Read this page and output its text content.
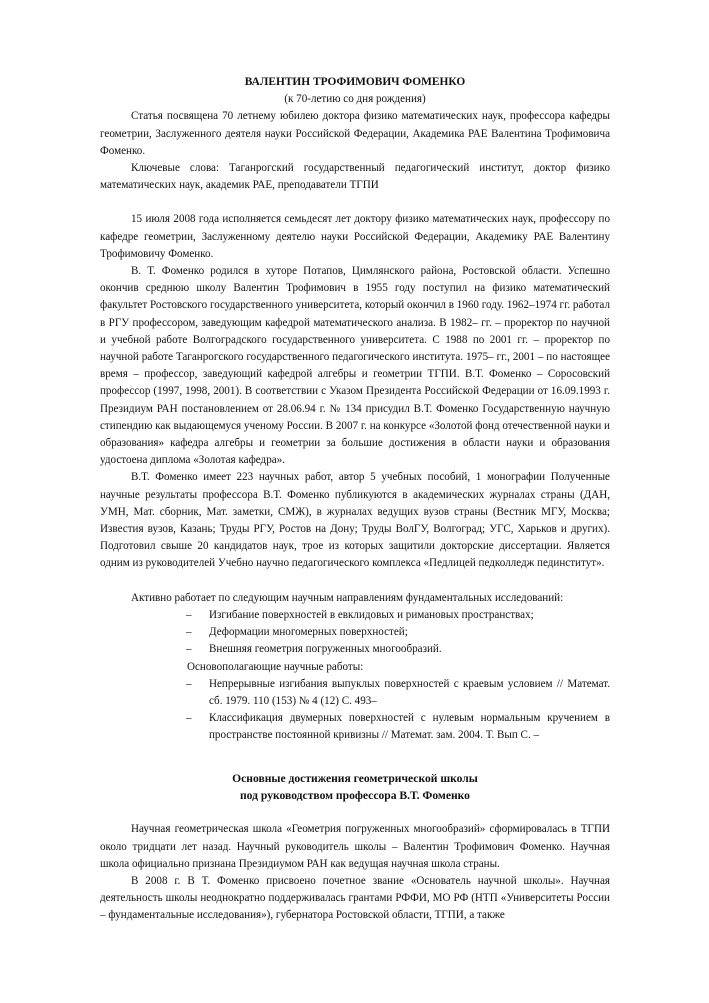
ВАЛЕНТИН ТРОФИМОВИЧ ФОМЕНКО
(к 70-летию со дня рождения)

Статья посвящена 70 летнему юбилею доктора физико математических наук, профессора кафедры геометрии, Заслуженного деятеля науки Российской Федерации, Академика РАЕ Валентина Трофимовича Фоменко.

Ключевые слова: Таганрогский государственный педагогический институт, доктор физико математических наук, академик РАЕ, преподаватели ТГПИ

15 июля 2008 года исполняется семьдесят лет доктору физико математических наук, профессору по кафедре геометрии, Заслуженному деятелю науки Российской Федерации, Академику РАЕ Валентину Трофимовичу Фоменко.

В. Т. Фоменко родился в хуторе Потапов, Цимлянского района, Ростовской области. Успешно окончив среднюю школу Валентин Трофимович в 1955 году поступил на физико математический факультет Ростовского государственного университета, который окончил в 1960 году. 1962–1974 гг. работал в РГУ профессором, заведующим кафедрой математического анализа. В 1982– гг. – проректор по научной и учебной работе Волгоградского государственного университета. С 1988 по 2001 гг. – проректор по научной работе Таганрогского государственного педагогического института. 1975– гг., 2001 – по настоящее время – профессор, заведующий кафедрой алгебры и геометрии ТГПИ. В.Т. Фоменко – Соросовский профессор (1997, 1998, 2001). В соответствии с Указом Президента Российской Федерации от 16.09.1993 г. Президиум РАН постановлением от 28.06.94 г. № 134 присудил В.Т. Фоменко Государственную научную стипендию как выдающемуся ученому России. В 2007 г. на конкурсе «Золотой фонд отечественной науки и образования» кафедра алгебры и геометрии за большие достижения в области науки и образования удостоена диплома «Золотая кафедра».

В.Т. Фоменко имеет 223 научных работ, автор 5 учебных пособий, 1 монографии Полученные научные результаты профессора В.Т. Фоменко публикуются в академических журналах страны (ДАН, УМН, Мат. сборник, Мат. заметки, СМЖ), в журналах ведущих вузов страны (Вестник МГУ, Москва; Известия вузов, Казань; Труды РГУ, Ростов на Дону; Труды ВолГУ, Волгоград; УГС, Харьков и других). Подготовил свыше 20 кандидатов наук, трое из которых защитили докторские диссертации. Является одним из руководителей Учебно научно педагогического комплекса «Педлицей педколледж пединститут».

Активно работает по следующим научным направлениям фундаментальных исследований:
– Изгибание поверхностей в евклидовых и римановых пространствах;
– Деформации многомерных поверхностей;
– Внешняя геометрия погруженных многообразий.
Основополагающие научные работы:
– Непрерывные изгибания выпуклых поверхностей с краевым условием // Математ. сб. 1979. 110 (153) № 4 (12) С. 493–
– Классификация двумерных поверхностей с нулевым нормальным кручением в пространстве постоянной кривизны // Математ. зам. 2004. Т. Вып С. –
Основные достижения геометрической школы
под руководством профессора В.Т. Фоменко

Научная геометрическая школа «Геометрия погруженных многообразий» сформировалась в ТГПИ около тридцати лет назад. Научный руководитель школы – Валентин Трофимович Фоменко. Научная школа официально признана Президиумом РАН как ведущая научная школа страны.

В 2008 г. В Т. Фоменко присвоено почетное звание «Основатель научной школы». Научная деятельность школы неоднократно поддерживалась грантами РФФИ, МО РФ (НТП «Университеты России – фундаментальные исследования»), губернатора Ростовской области, ТГПИ, а также
